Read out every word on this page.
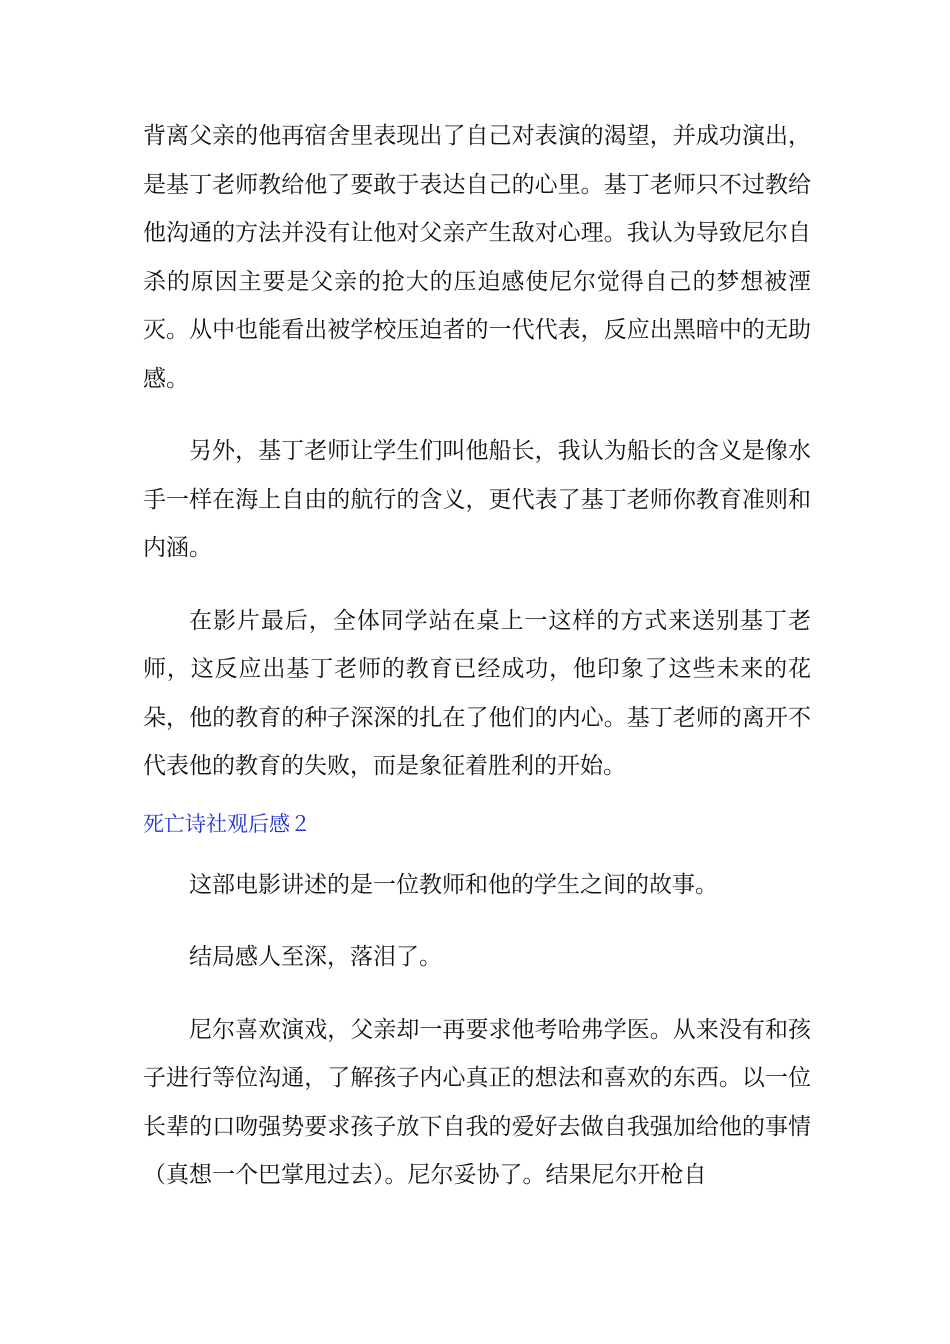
背离父亲的他再宿舍里表现出了自己对表演的渴望，并成功演出，是基丁老师教给他了要敢于表达自己的心里。基丁老师只不过教给他沟通的方法并没有让他对父亲产生敌对心理。我认为导致尼尔自杀的原因主要是父亲的抢大的压迫感使尼尔觉得自己的梦想被湮灭。从中也能看出被学校压迫者的一代代表，反应出黑暗中的无助感。

另外，基丁老师让学生们叫他船长，我认为船长的含义是像水手一样在海上自由的航行的含义，更代表了基丁老师你教育准则和内涵。

在影片最后，全体同学站在桌上一这样的方式来送别基丁老师，这反应出基丁老师的教育已经成功，他印象了这些未来的花朵，他的教育的种子深深的扎在了他们的内心。基丁老师的离开不代表他的教育的失败，而是象征着胜利的开始。

死亡诗社观后感２

这部电影讲述的是一位教师和他的学生之间的故事。

结局感人至深，落泪了。

尼尔喜欢演戏，父亲却一再要求他考哈弗学医。从来没有和孩子进行等位沟通，了解孩子内心真正的想法和喜欢的东西。以一位长辈的口吻强势要求孩子放下自我的爱好去做自我强加给他的事情（真想一个巴掌甩过去）。尼尔妥协了。结果尼尔开枪自
